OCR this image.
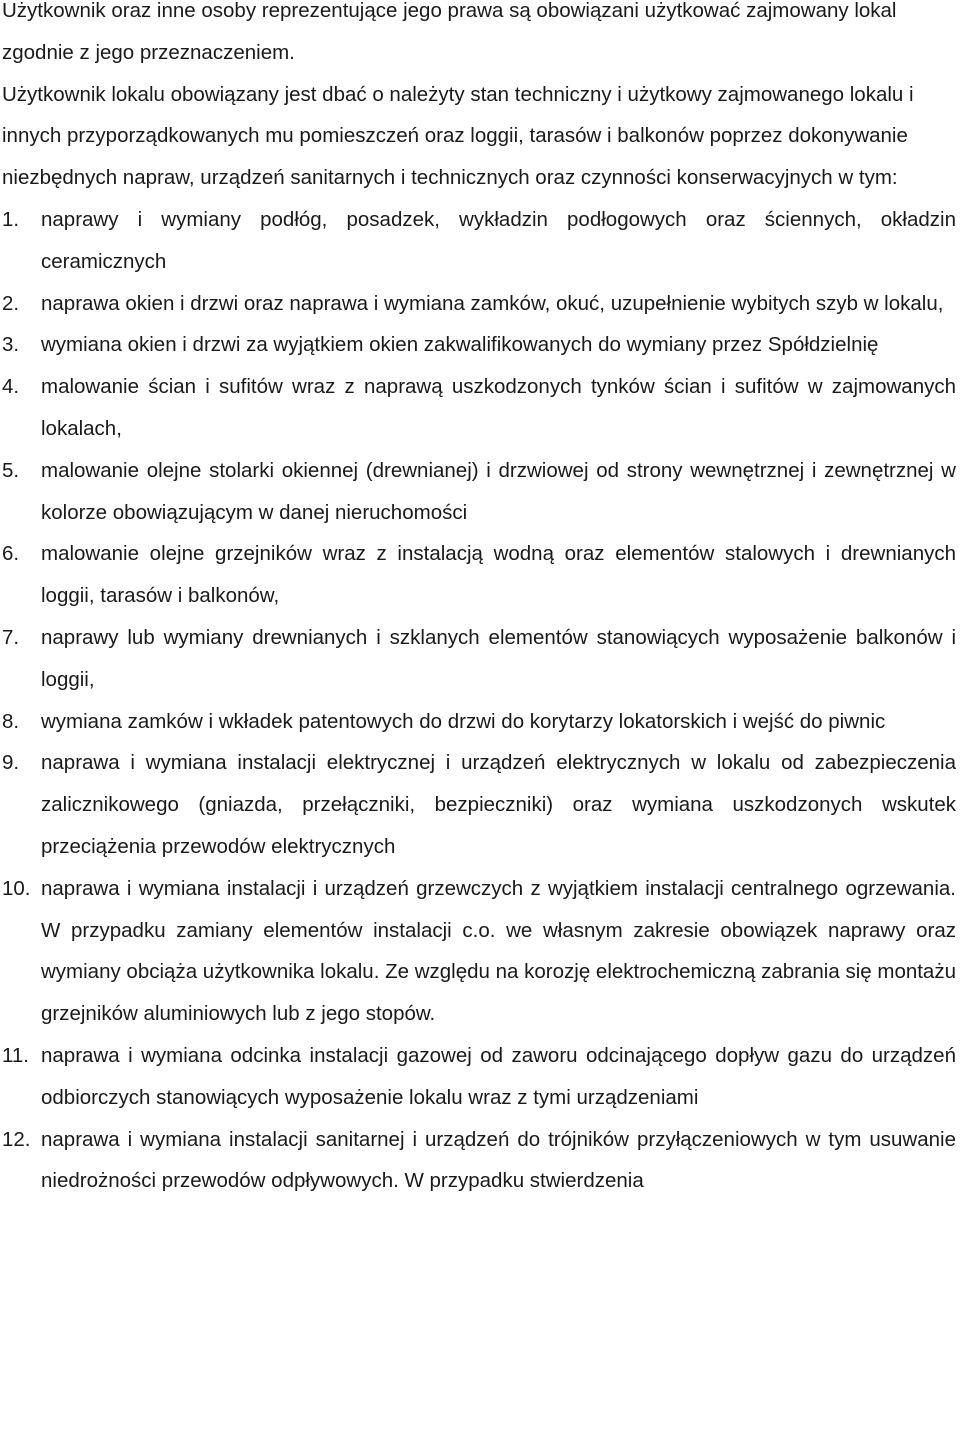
Użytkownik oraz inne osoby reprezentujące jego prawa są obowiązani użytkować zajmowany lokal zgodnie z jego przeznaczeniem.

Użytkownik lokalu obowiązany jest dbać o należyty stan techniczny i użytkowy zajmowanego lokalu i innych przyporządkowanych mu pomieszczeń oraz loggii, tarasów i balkonów poprzez dokonywanie niezbędnych napraw, urządzeń sanitarnych i technicznych oraz czynności konserwacyjnych w tym:

1.	naprawy i wymiany podłóg, posadzek, wykładzin podłogowych oraz ściennych, okładzin ceramicznych
2.	naprawa okien i drzwi oraz naprawa i wymiana zamków, okuć, uzupełnienie wybitych szyb w lokalu,
3.	wymiana okien i drzwi za wyjątkiem okien zakwalifikowanych do wymiany przez Spółdzielnię
4.	malowanie ścian i sufitów wraz z naprawą uszkodzonych tynków ścian i sufitów w zajmowanych lokalach,
5.	malowanie olejne stolarki okiennej (drewnianej) i drzwiowej od strony wewnętrznej i zewnętrznej w kolorze obowiązującym w danej nieruchomości
6.	malowanie olejne grzejników wraz z instalacją wodną oraz elementów stalowych i drewnianych loggii, tarasów i balkonów,
7.	naprawy lub wymiany drewnianych i szklanych elementów stanowiących wyposażenie balkonów i loggii,
8.	wymiana zamków i wkładek patentowych do drzwi do korytarzy lokatorskich i wejść do piwnic
9.	naprawa i wymiana instalacji elektrycznej i urządzeń elektrycznych w lokalu od zabezpieczenia zalicznikowego (gniazda, przełączniki, bezpieczniki) oraz wymiana uszkodzonych wskutek przeciążenia przewodów elektrycznych
10. naprawa i wymiana instalacji i urządzeń grzewczych z wyjątkiem instalacji centralnego ogrzewania. W przypadku zamiany elementów instalacji c.o. we własnym zakresie obowiązek naprawy oraz wymiany obciąża użytkownika lokalu. Ze względu na korozję elektrochemiczną zabrania się montażu grzejników aluminiowych lub z jego stopów.
11. naprawa i wymiana odcinka instalacji gazowej od zaworu odcinającego dopływ gazu do urządzeń odbiorczych stanowiących wyposażenie lokalu wraz z tymi urządzeniami
12. naprawa i wymiana instalacji sanitarnej i urządzeń do trójników przyłączeniowych w tym usuwanie niedrożności przewodów odpływowych. W przypadku stwierdzenia
